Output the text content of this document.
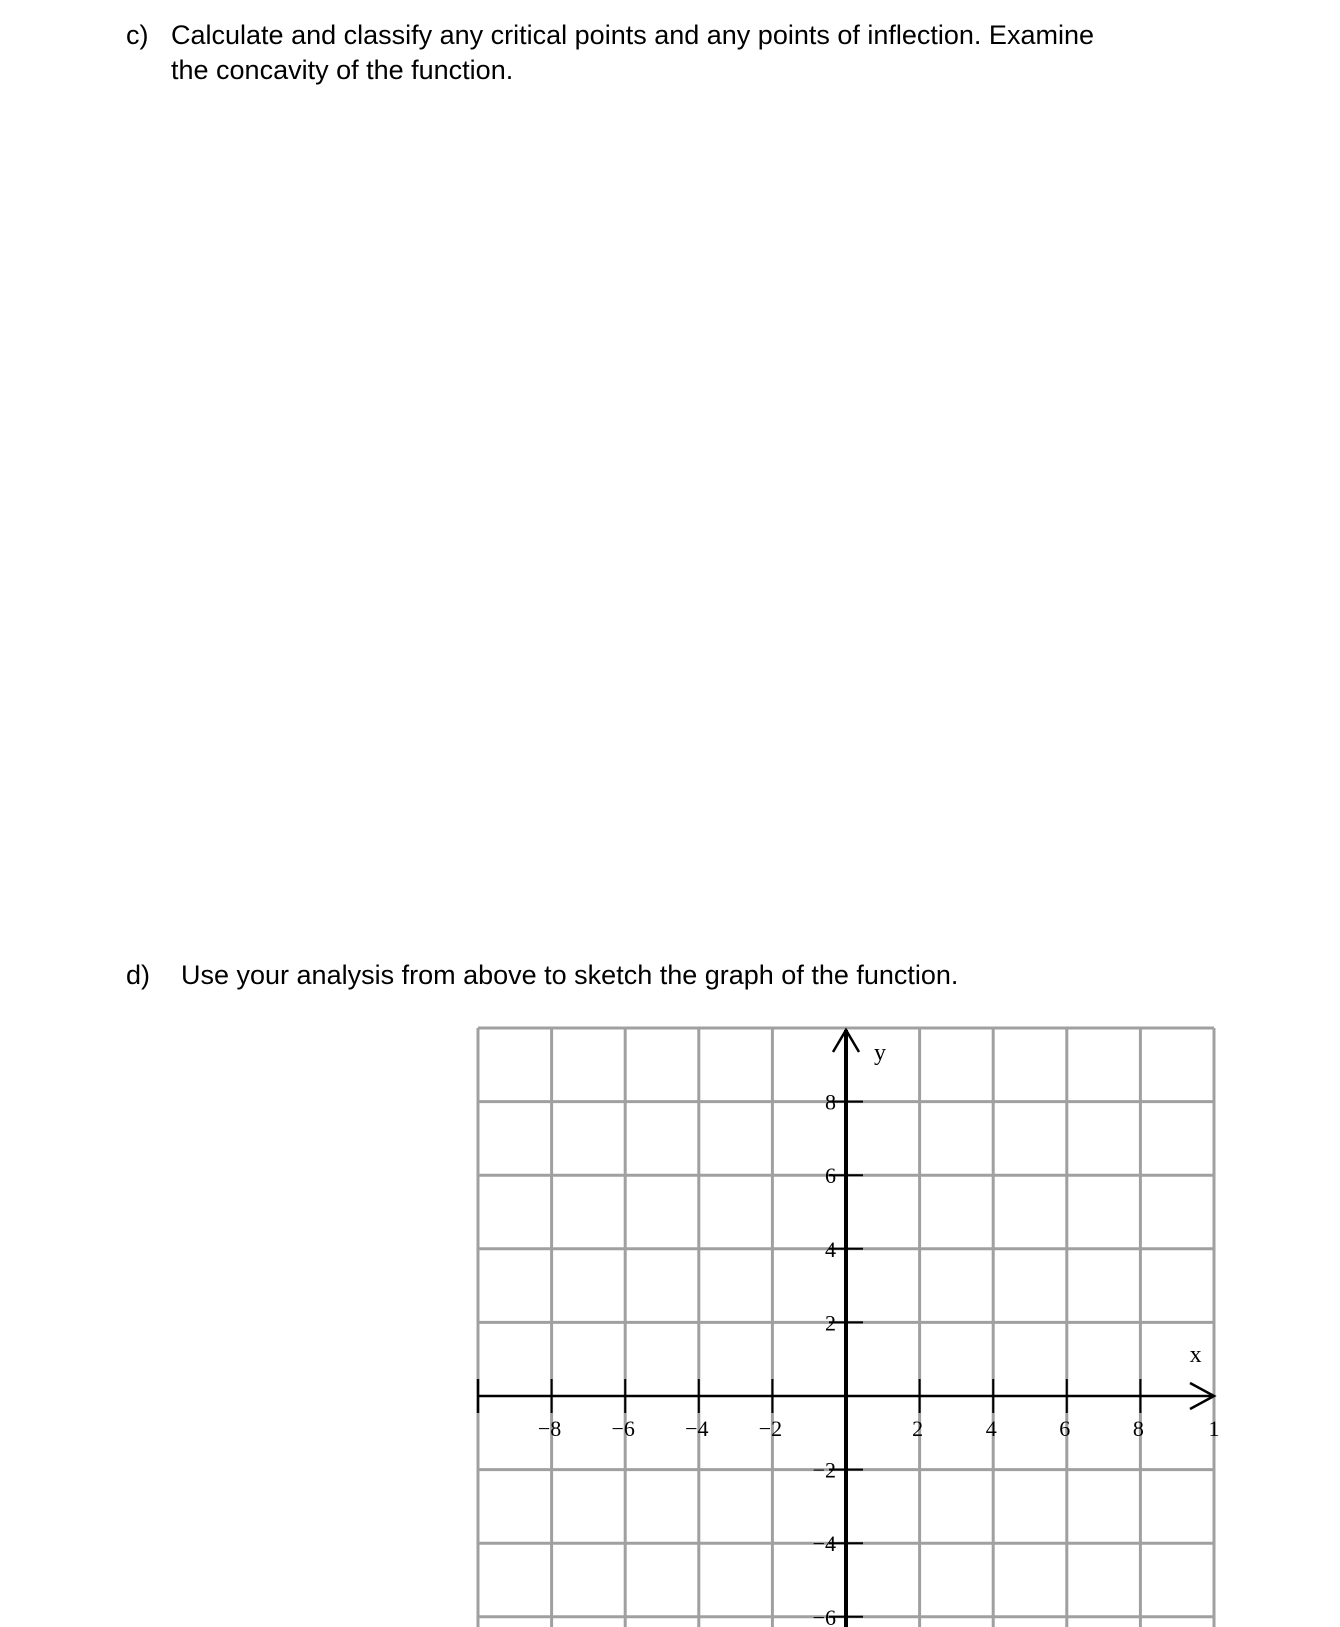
c) Calculate and classify any critical points and any points of inflection. Examine
the concavity of the function.
d) Use your analysis from above to sketch the graph of the function.
−8 −6 −4 −2	2	4	6	8	1
8
6
4
2
−2
−4
−6
x
y
